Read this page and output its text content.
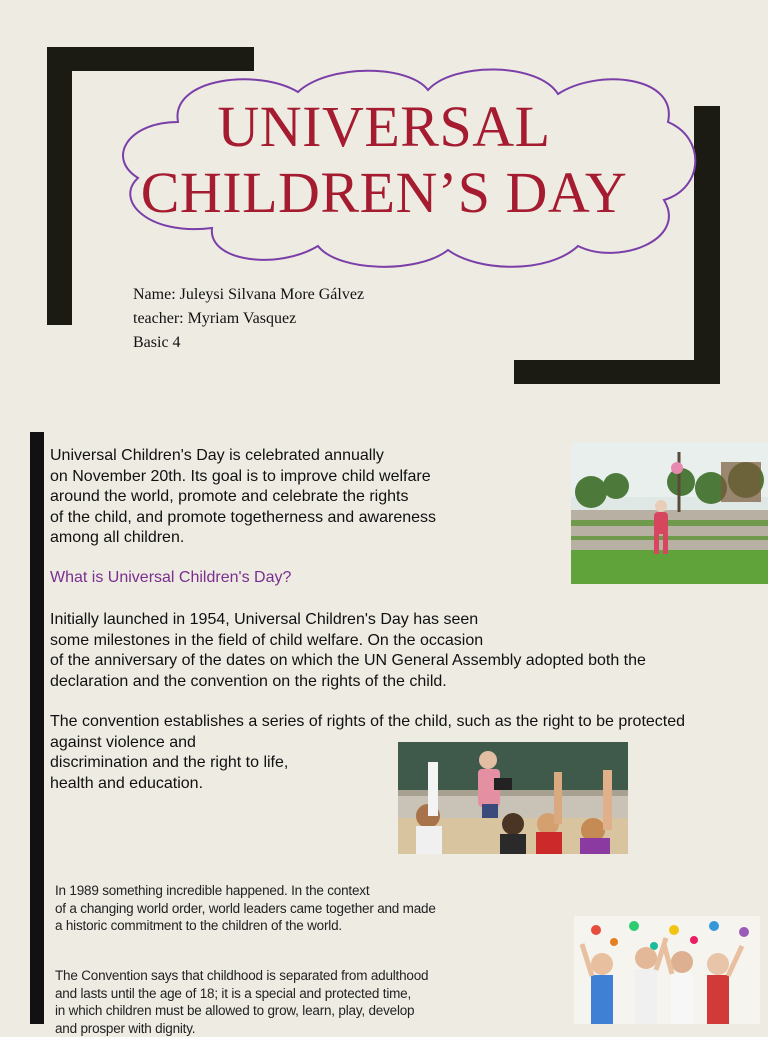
UNIVERSAL
CHILDREN’S DAY
Name: Juleysi Silvana More Gálvez
teacher: Myriam Vasquez
Basic 4

Universal Children's Day is celebrated annually
on November 20th. Its goal is to improve child welfare
around the world, promote and celebrate the rights
of the child, and promote togetherness and awareness
among all children.

What is Universal Children's Day?

Initially launched in 1954, Universal Children's Day has seen
some milestones in the field of child welfare. On the occasion
of the anniversary of the dates on which the UN General Assembly adopted both the
declaration and the convention on the rights of the child.

The convention establishes a series of rights of the child, such as the right to be protected
against violence and
discrimination and the right to life,
health and education.

In 1989 something incredible happened. In the context
of a changing world order, world leaders came together and made
a historic commitment to the children of the world.

The Convention says that childhood is separated from adulthood
and lasts until the age of 18; it is a special and protected time,
in which children must be allowed to grow, learn, play, develop
and prosper with dignity.
